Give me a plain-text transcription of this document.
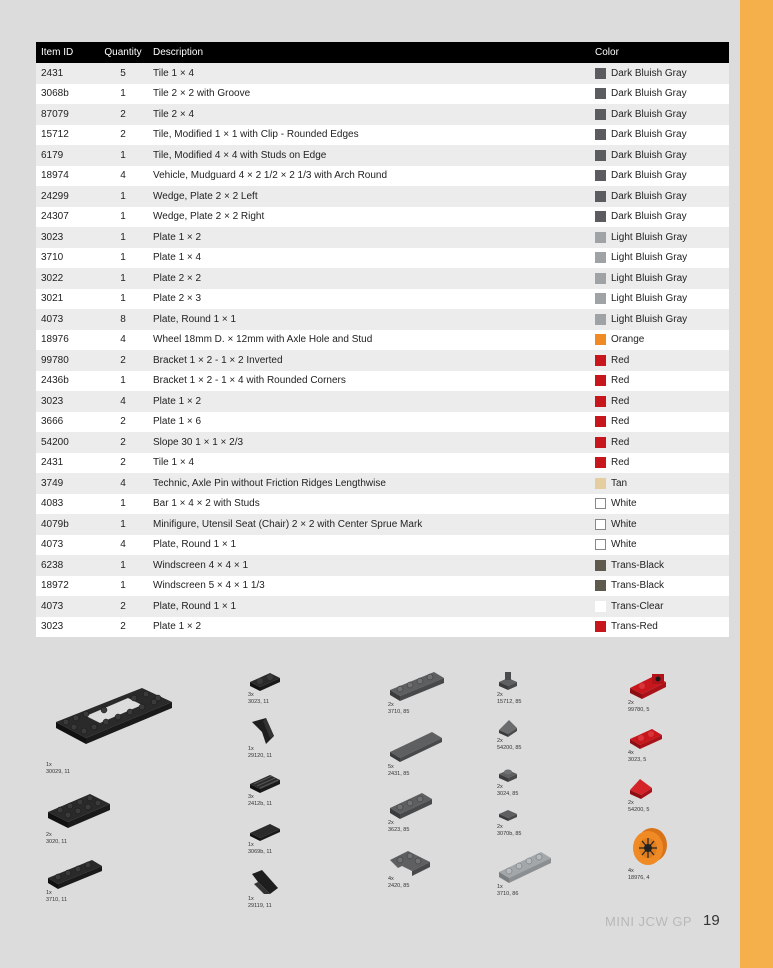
Item ID	Quantity	Description	Color
2431	5	Tile 1 × 4	Dark Bluish Gray
3068b	1	Tile 2 × 2 with Groove	Dark Bluish Gray
87079	2	Tile 2 × 4	Dark Bluish Gray
15712	2	Tile, Modified 1 × 1 with Clip - Rounded Edges	Dark Bluish Gray
6179	1	Tile, Modified 4 × 4 with Studs on Edge	Dark Bluish Gray
18974	4	Vehicle, Mudguard 4 × 2 1/2 × 2 1/3 with Arch Round	Dark Bluish Gray
24299	1	Wedge, Plate 2 × 2 Left	Dark Bluish Gray
24307	1	Wedge, Plate 2 × 2 Right	Dark Bluish Gray
3023	1	Plate 1 × 2	Light Bluish Gray
3710	1	Plate 1 × 4	Light Bluish Gray
3022	1	Plate 2 × 2	Light Bluish Gray
3021	1	Plate 2 × 3	Light Bluish Gray
4073	8	Plate, Round 1 × 1	Light Bluish Gray
18976	4	Wheel 18mm D. × 12mm with Axle Hole and Stud	Orange
99780	2	Bracket 1 × 2 - 1 × 2 Inverted	Red
2436b	1	Bracket 1 × 2 - 1 × 4 with Rounded Corners	Red
3023	4	Plate 1 × 2	Red
3666	2	Plate 1 × 6	Red
54200	2	Slope 30 1 × 1 × 2/3	Red
2431	2	Tile 1 × 4	Red
3749	4	Technic, Axle Pin without Friction Ridges Lengthwise	Tan
4083	1	Bar 1 × 4 × 2 with Studs	White
4079b	1	Minifigure, Utensil Seat (Chair) 2 × 2 with Center Sprue Mark	White
4073	4	Plate, Round 1 × 1	White
6238	1	Windscreen 4 × 4 × 1	Trans-Black
18972	1	Windscreen 5 × 4 × 1 1/3	Trans-Black
4073	2	Plate, Round 1 × 1	Trans-Clear
3023	2	Plate 1 × 2	Trans-Red
1x
30029, 11
2x
3020, 11
1x
3710, 11
3x
3023, 11
1x
29120, 11
3x
2412b, 11
1x
3069b, 11
1x
29119, 11
2x
3710, 85
5x
2431, 85
2x
3623, 85
4x
2420, 85
2x
15712, 85
2x
54200, 85
2x
3024, 85
2x
3070b, 85
1x
3710, 86
2x
99780, 5
4x
3023, 5
2x
54200, 5
4x
18976, 4
MINI JCW GP 19
